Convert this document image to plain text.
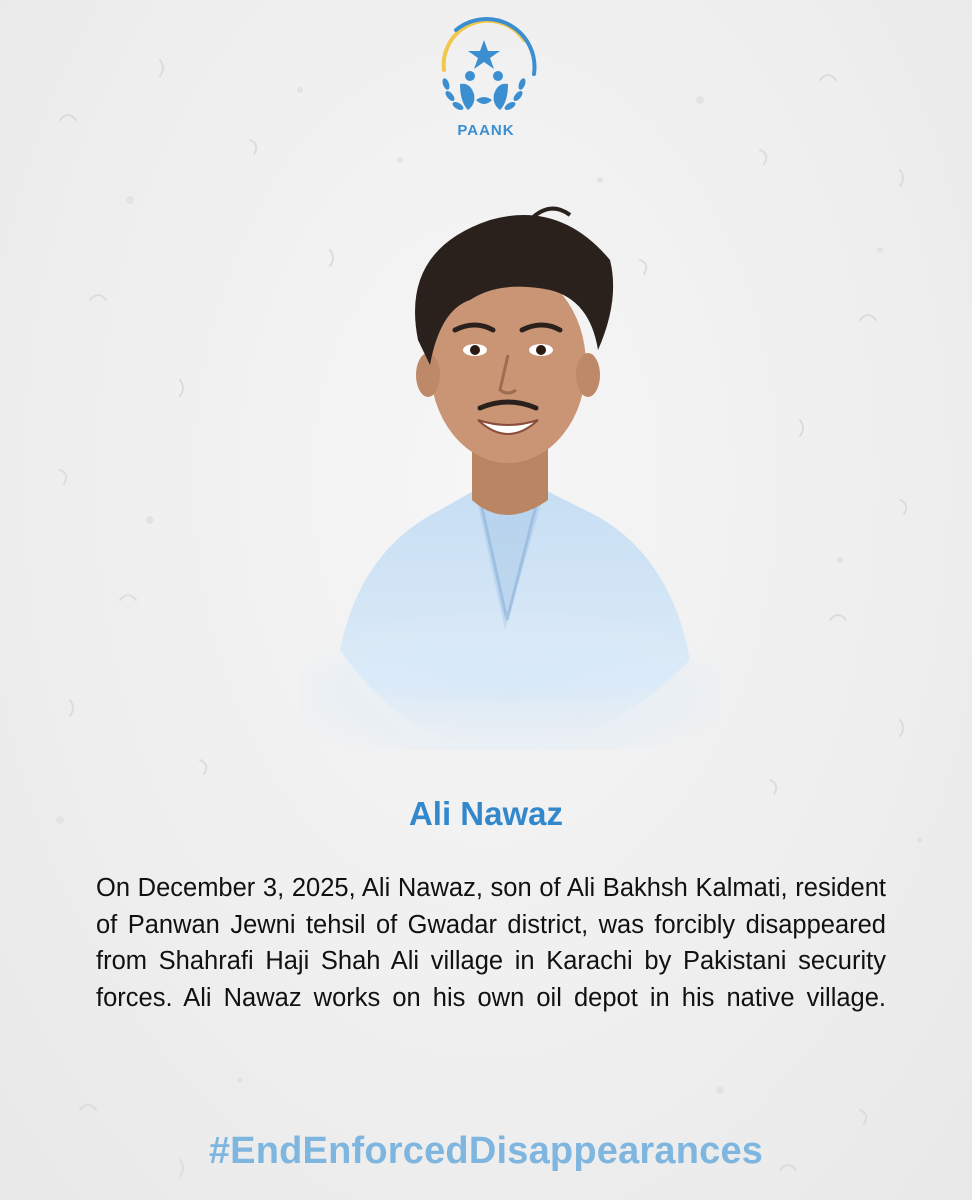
PAANK
Ali Nawaz

On December 3, 2025, Ali Nawaz, son of Ali Bakhsh Kalmati, resident of Panwan Jewni tehsil of Gwadar district, was forcibly disappeared from Shahrafi Haji Shah Ali village in Karachi by Pakistani security forces. Ali Nawaz works on his own oil depot in his native village.

#EndEnforcedDisappearances
